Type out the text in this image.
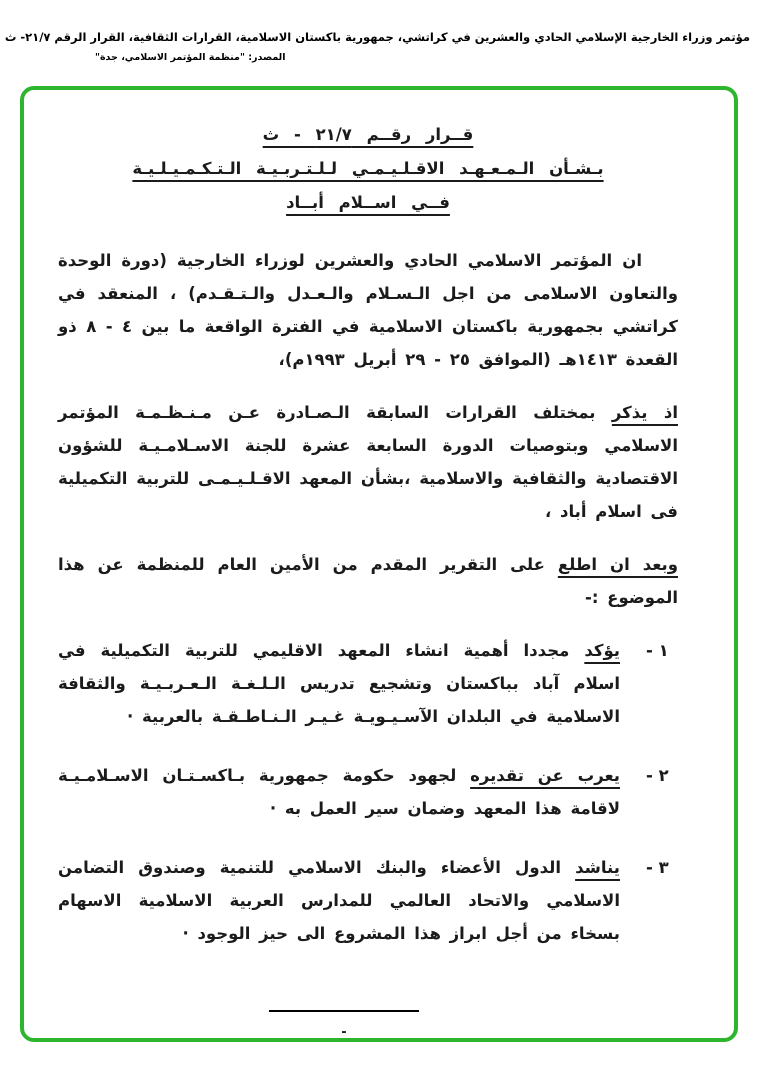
مؤتمر وزراء الخارجية الإسلامي الحادي والعشرين في كراتشي، جمهورية باكستان الاسلامية، القرارات الثقافية، القرار الرقم ٢١/٧- ث
المصدر: "منظمة المؤتمر الاسلامي، جدة"
قــرار رقــم ٢١/٧ - ث
بـشـأن الـمـعـهـد الاقـلـيـمـي لـلـتـربـيـة الـتـكـمـيـلـيـة
فــي اســلام أبــاد

ان المؤتمر الاسلامي الحادي والعشرين لوزراء الخارجية (دورة الوحدة والتعاون الاسلامى من اجل الـسـلام والـعـدل والـتـقـدم) ، المنعقد في كراتشي بجمهورية باكستان الاسلامية في الفترة الواقعة ما بين ٤ - ٨ ذو القعدة ١٤١٣هـ (الموافق ٢٥ - ٢٩ أبريل ١٩٩٣م)،

اذ يذكر بمختلف القرارات السابقة الـصـادرة عـن مـنـظـمـة المؤتمر الاسلامي وبتوصيات الدورة السابعة عشرة للجنة الاسـلامـيـة للشؤون الاقتصادية والثقافية والاسلامية ،بشأن المعهد الاقـلـيـمـى للتربية التكميلية فى اسلام أباد ،

وبعد ان اطلع على التقرير المقدم من الأمين العام للمنظمة عن هذا الموضوع :-

- ١

يؤكد مجددا أهمية انشاء المعهد الاقليمي للتربية التكميلية في اسلام آباد بباكستان وتشجيع تدريس الـلـغـة الـعـربـيـة والثقافة الاسلامية في البلدان الآسـيـويـة غـيـر الـنـاطـقـة بالعربية ·

- ٢

يعرب عن تقديره لجهود حكومة جمهورية بـاكسـتـان الاسـلامـيـة لاقامة هذا المعهد وضمان سير العمل به ·

- ٣

يناشد الدول الأعضاء والبنك الاسلامي للتنمية وصندوق التضامن الاسلامي والاتحاد العالمي للمدارس العربية الاسلامية الاسهام بسخاء من أجل ابراز هذا المشروع الى حيز الوجود ·

-
